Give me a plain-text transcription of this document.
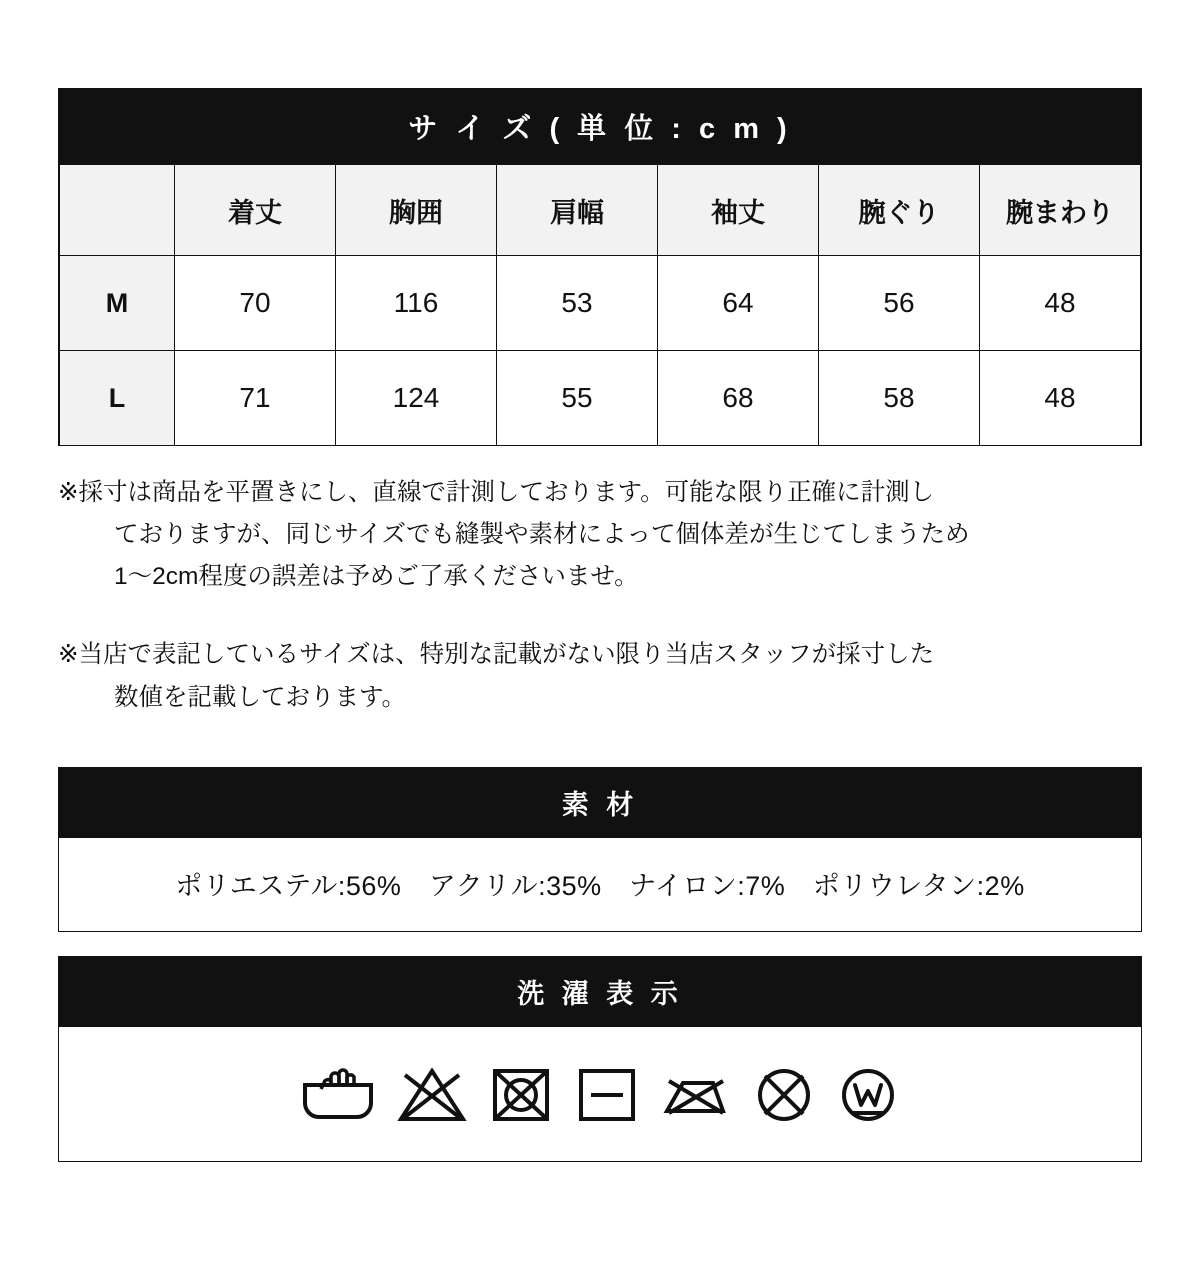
サ イ ズ ( 単 位 : c m )
	着丈	胸囲	肩幅	袖丈	腕ぐり	腕まわり
M	70	116	53	64	56	48
L	71	124	55	68	58	48

※採寸は商品を平置きにし、直線で計測しております。可能な限り正確に計測し
ておりますが、同じサイズでも縫製や素材によって個体差が生じてしまうため
1〜2cm程度の誤差は予めご了承くださいませ。

※当店で表記しているサイズは、特別な記載がない限り当店スタッフが採寸した
数値を記載しております。

素 材
ポリエステル:56%　アクリル:35%　ナイロン:7%　ポリウレタン:2%
洗 濯 表 示
